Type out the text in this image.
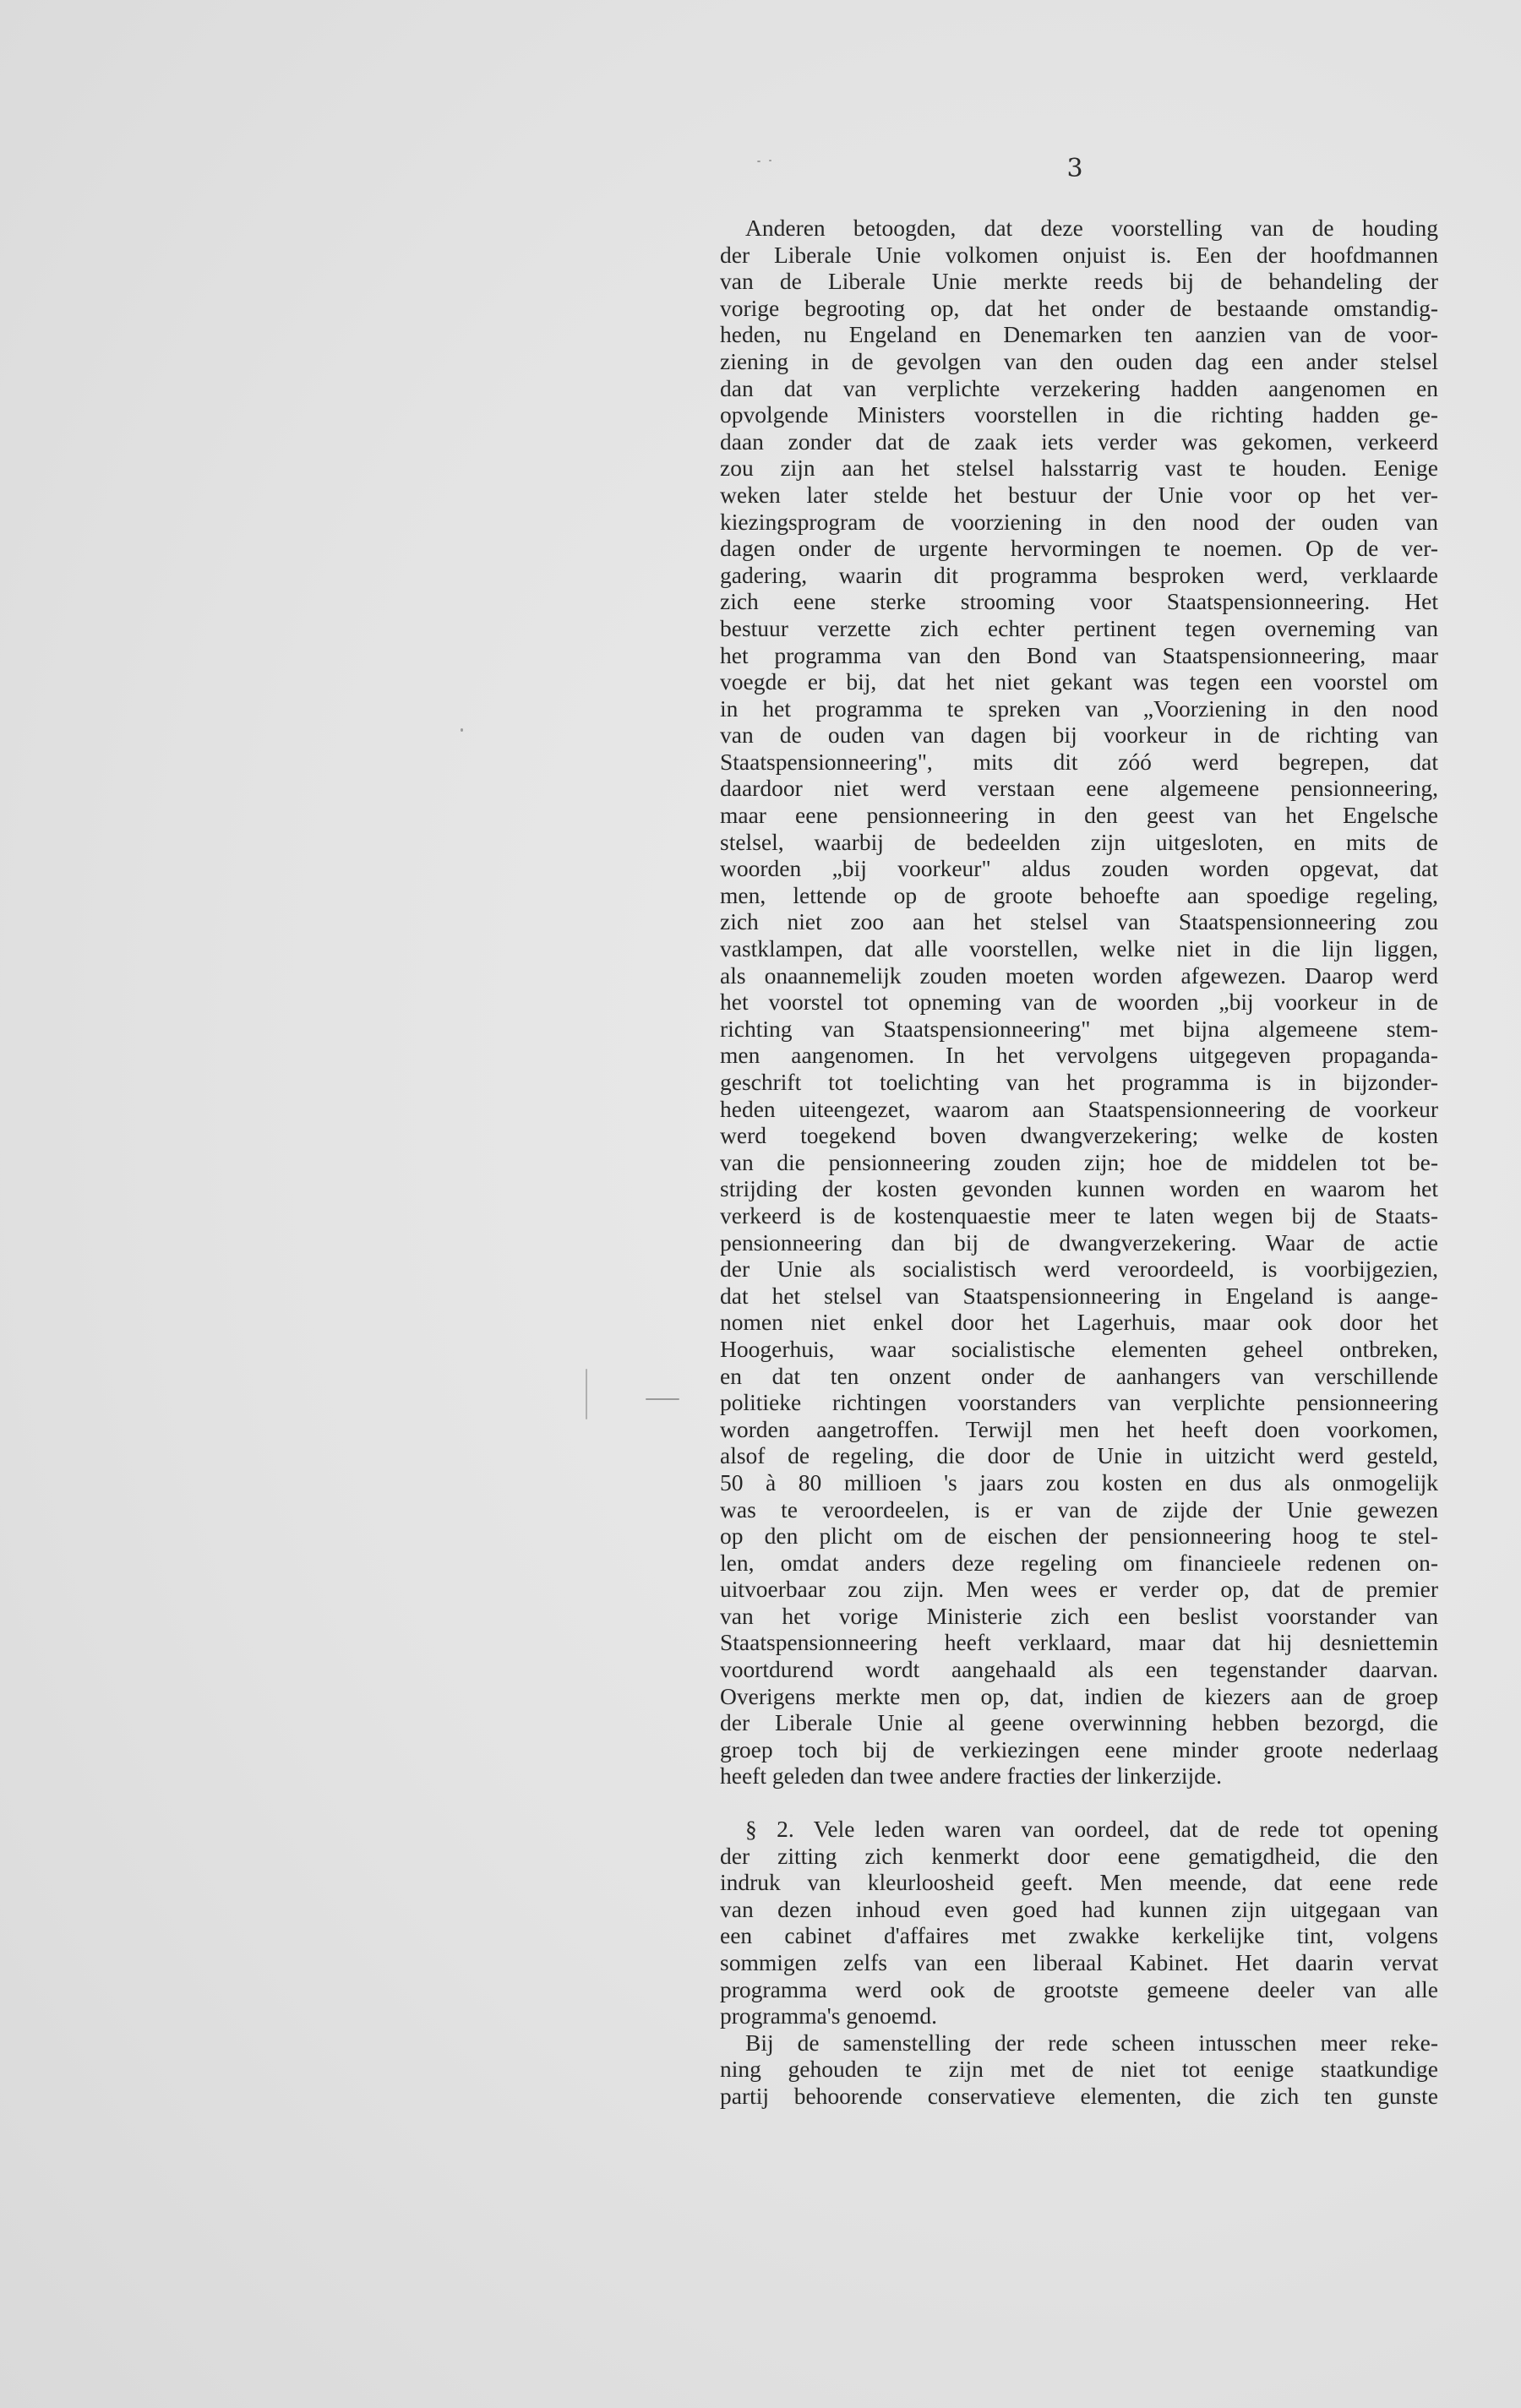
3
Anderen betoogden, dat deze voorstelling van de houding
der Liberale Unie volkomen onjuist is. Een der hoofdmannen
van de Liberale Unie merkte reeds bij de behandeling der
vorige begrooting op, dat het onder de bestaande omstandig-
heden, nu Engeland en Denemarken ten aanzien van de voor-
ziening in de gevolgen van den ouden dag een ander stelsel
dan dat van verplichte verzekering hadden aangenomen en
opvolgende Ministers voorstellen in die richting hadden ge-
daan zonder dat de zaak iets verder was gekomen, verkeerd
zou zijn aan het stelsel halsstarrig vast te houden. Eenige
weken later stelde het bestuur der Unie voor op het ver-
kiezingsprogram de voorziening in den nood der ouden van
dagen onder de urgente hervormingen te noemen. Op de ver-
gadering, waarin dit programma besproken werd, verklaarde
zich eene sterke strooming voor Staatspensionneering. Het
bestuur verzette zich echter pertinent tegen overneming van
het programma van den Bond van Staatspensionneering, maar
voegde er bij, dat het niet gekant was tegen een voorstel om
in het programma te spreken van „Voorziening in den nood
van de ouden van dagen bij voorkeur in de richting van
Staatspensionneering", mits dit zóó werd begrepen, dat
daardoor niet werd verstaan eene algemeene pensionneering,
maar eene pensionneering in den geest van het Engelsche
stelsel, waarbij de bedeelden zijn uitgesloten, en mits de
woorden „bij voorkeur" aldus zouden worden opgevat, dat
men, lettende op de groote behoefte aan spoedige regeling,
zich niet zoo aan het stelsel van Staatspensionneering zou
vastklampen, dat alle voorstellen, welke niet in die lijn liggen,
als onaannemelijk zouden moeten worden afgewezen. Daarop werd
het voorstel tot opneming van de woorden „bij voorkeur in de
richting van Staatspensionneering" met bijna algemeene stem-
men aangenomen. In het vervolgens uitgegeven propaganda-
geschrift tot toelichting van het programma is in bijzonder-
heden uiteengezet, waarom aan Staatspensionneering de voorkeur
werd toegekend boven dwangverzekering; welke de kosten
van die pensionneering zouden zijn; hoe de middelen tot be-
strijding der kosten gevonden kunnen worden en waarom het
verkeerd is de kostenquaestie meer te laten wegen bij de Staats-
pensionneering dan bij de dwangverzekering. Waar de actie
der Unie als socialistisch werd veroordeeld, is voorbijgezien,
dat het stelsel van Staatspensionneering in Engeland is aange-
nomen niet enkel door het Lagerhuis, maar ook door het
Hoogerhuis, waar socialistische elementen geheel ontbreken,
en dat ten onzent onder de aanhangers van verschillende
politieke richtingen voorstanders van verplichte pensionneering
worden aangetroffen. Terwijl men het heeft doen voorkomen,
alsof de regeling, die door de Unie in uitzicht werd gesteld,
50 à 80 millioen 's jaars zou kosten en dus als onmogelijk
was te veroordeelen, is er van de zijde der Unie gewezen
op den plicht om de eischen der pensionneering hoog te stel-
len, omdat anders deze regeling om financieele redenen on-
uitvoerbaar zou zijn. Men wees er verder op, dat de premier
van het vorige Ministerie zich een beslist voorstander van
Staatspensionneering heeft verklaard, maar dat hij desniettemin
voortdurend wordt aangehaald als een tegenstander daarvan.
Overigens merkte men op, dat, indien de kiezers aan de groep
der Liberale Unie al geene overwinning hebben bezorgd, die
groep toch bij de verkiezingen eene minder groote nederlaag
heeft geleden dan twee andere fracties der linkerzijde.
§ 2. Vele leden waren van oordeel, dat de rede tot opening
der zitting zich kenmerkt door eene gematigdheid, die den
indruk van kleurloosheid geeft. Men meende, dat eene rede
van dezen inhoud even goed had kunnen zijn uitgegaan van
een cabinet d'affaires met zwakke kerkelijke tint, volgens
sommigen zelfs van een liberaal Kabinet. Het daarin vervat
programma werd ook de grootste gemeene deeler van alle
programma's genoemd.
Bij de samenstelling der rede scheen intusschen meer reke-
ning gehouden te zijn met de niet tot eenige staatkundige
partij behoorende conservatieve elementen, die zich ten gunste
